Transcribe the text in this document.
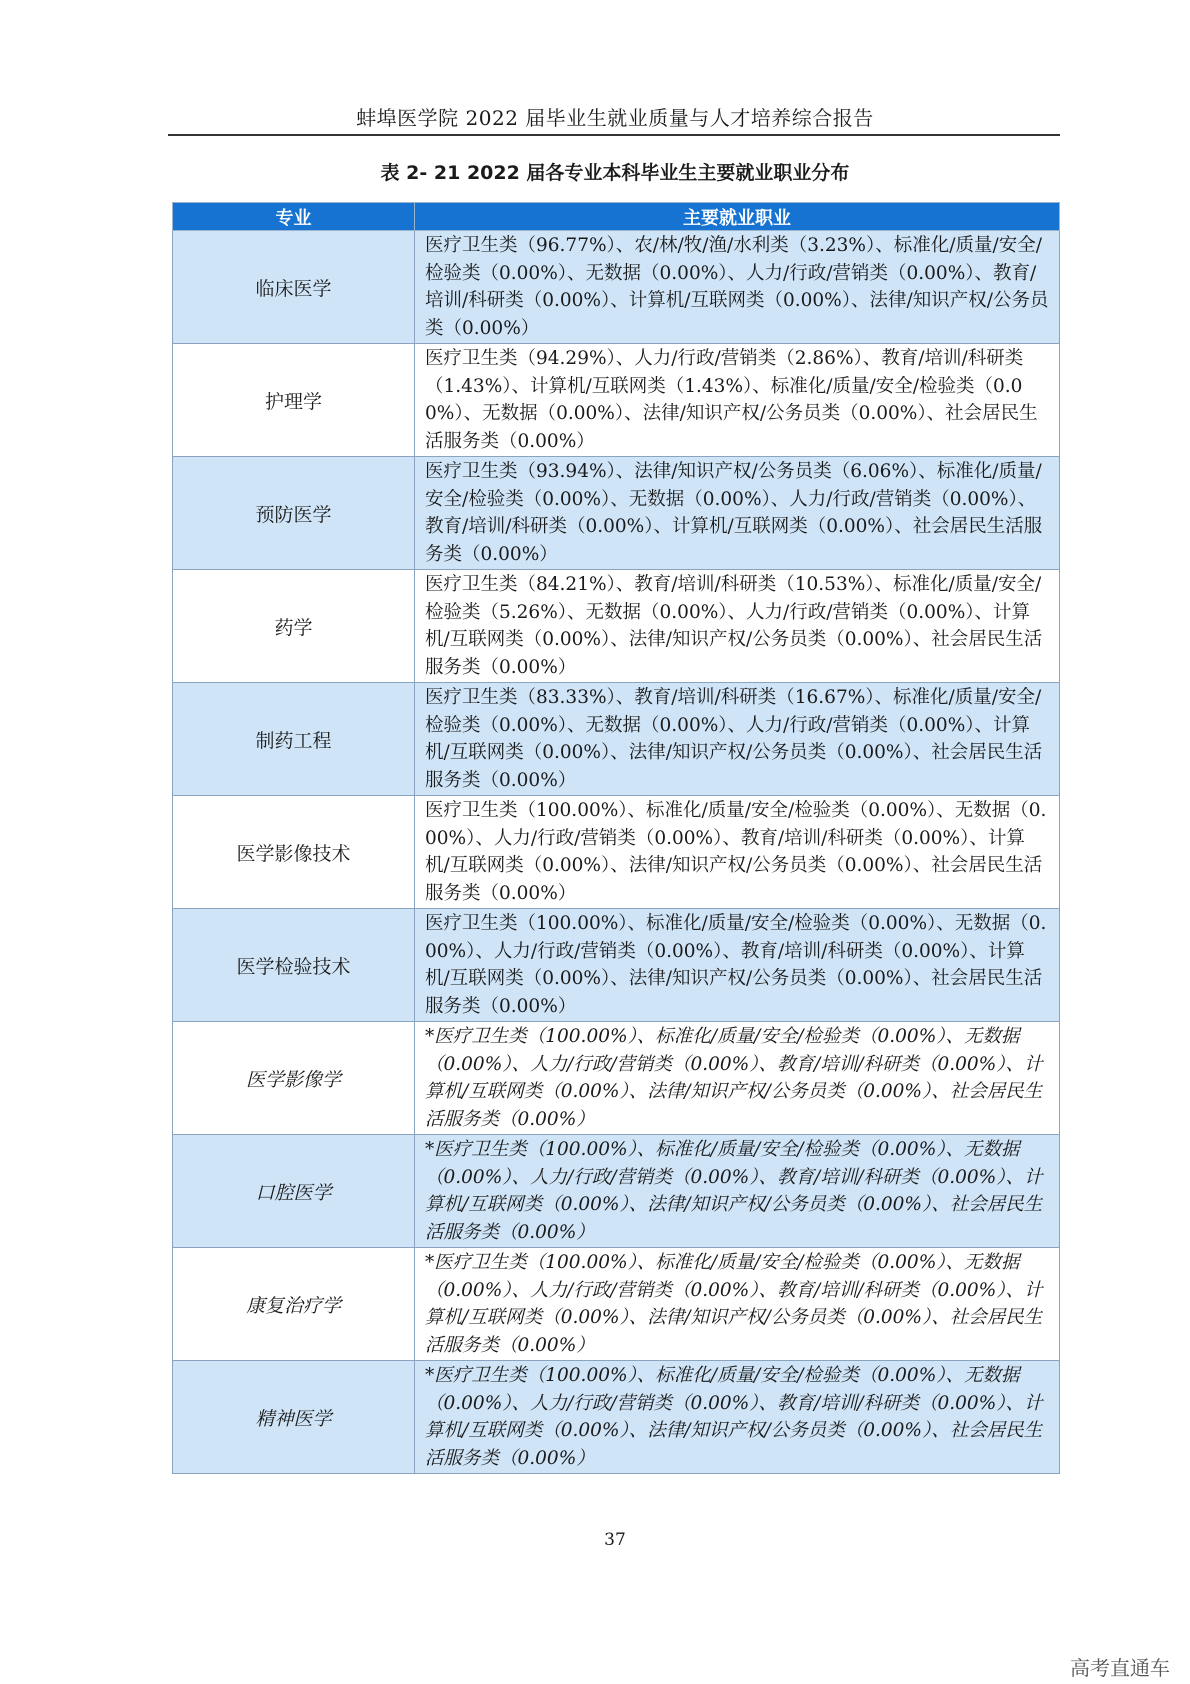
蚌埠医学院 2022 届毕业生就业质量与人才培养综合报告
表 2- 21 2022 届各专业本科毕业生主要就业职业分布
专业	主要就业职业
临床医学	医疗卫生类（96.77%）、农/林/牧/渔/水利类（3.23%）、标准化/质量/安全/检验类（0.00%）、无数据（0.00%）、人力/行政/营销类（0.00%）、教育/培训/科研类（0.00%）、计算机/互联网类（0.00%）、法律/知识产权/公务员类（0.00%）
护理学	医疗卫生类（94.29%）、人力/行政/营销类（2.86%）、教育/培训/科研类（1.43%）、计算机/互联网类（1.43%）、标准化/质量/安全/检验类（0.00%）、无数据（0.00%）、法律/知识产权/公务员类（0.00%）、社会居民生活服务类（0.00%）
预防医学	医疗卫生类（93.94%）、法律/知识产权/公务员类（6.06%）、标准化/质量/安全/检验类（0.00%）、无数据（0.00%）、人力/行政/营销类（0.00%）、教育/培训/科研类（0.00%）、计算机/互联网类（0.00%）、社会居民生活服务类（0.00%）
药学	医疗卫生类（84.21%）、教育/培训/科研类（10.53%）、标准化/质量/安全/检验类（5.26%）、无数据（0.00%）、人力/行政/营销类（0.00%）、计算机/互联网类（0.00%）、法律/知识产权/公务员类（0.00%）、社会居民生活服务类（0.00%）
制药工程	医疗卫生类（83.33%）、教育/培训/科研类（16.67%）、标准化/质量/安全/检验类（0.00%）、无数据（0.00%）、人力/行政/营销类（0.00%）、计算机/互联网类（0.00%）、法律/知识产权/公务员类（0.00%）、社会居民生活服务类（0.00%）
医学影像技术	医疗卫生类（100.00%）、标准化/质量/安全/检验类（0.00%）、无数据（0.00%）、人力/行政/营销类（0.00%）、教育/培训/科研类（0.00%）、计算机/互联网类（0.00%）、法律/知识产权/公务员类（0.00%）、社会居民生活服务类（0.00%）
医学检验技术	医疗卫生类（100.00%）、标准化/质量/安全/检验类（0.00%）、无数据（0.00%）、人力/行政/营销类（0.00%）、教育/培训/科研类（0.00%）、计算机/互联网类（0.00%）、法律/知识产权/公务员类（0.00%）、社会居民生活服务类（0.00%）
医学影像学	*医疗卫生类（100.00%）、标准化/质量/安全/检验类（0.00%）、无数据（0.00%）、人力/行政/营销类（0.00%）、教育/培训/科研类（0.00%）、计算机/互联网类（0.00%）、法律/知识产权/公务员类（0.00%）、社会居民生活服务类（0.00%）
口腔医学	*医疗卫生类（100.00%）、标准化/质量/安全/检验类（0.00%）、无数据（0.00%）、人力/行政/营销类（0.00%）、教育/培训/科研类（0.00%）、计算机/互联网类（0.00%）、法律/知识产权/公务员类（0.00%）、社会居民生活服务类（0.00%）
康复治疗学	*医疗卫生类（100.00%）、标准化/质量/安全/检验类（0.00%）、无数据（0.00%）、人力/行政/营销类（0.00%）、教育/培训/科研类（0.00%）、计算机/互联网类（0.00%）、法律/知识产权/公务员类（0.00%）、社会居民生活服务类（0.00%）
精神医学	*医疗卫生类（100.00%）、标准化/质量/安全/检验类（0.00%）、无数据（0.00%）、人力/行政/营销类（0.00%）、教育/培训/科研类（0.00%）、计算机/互联网类（0.00%）、法律/知识产权/公务员类（0.00%）、社会居民生活服务类（0.00%）
37
高考直通车
